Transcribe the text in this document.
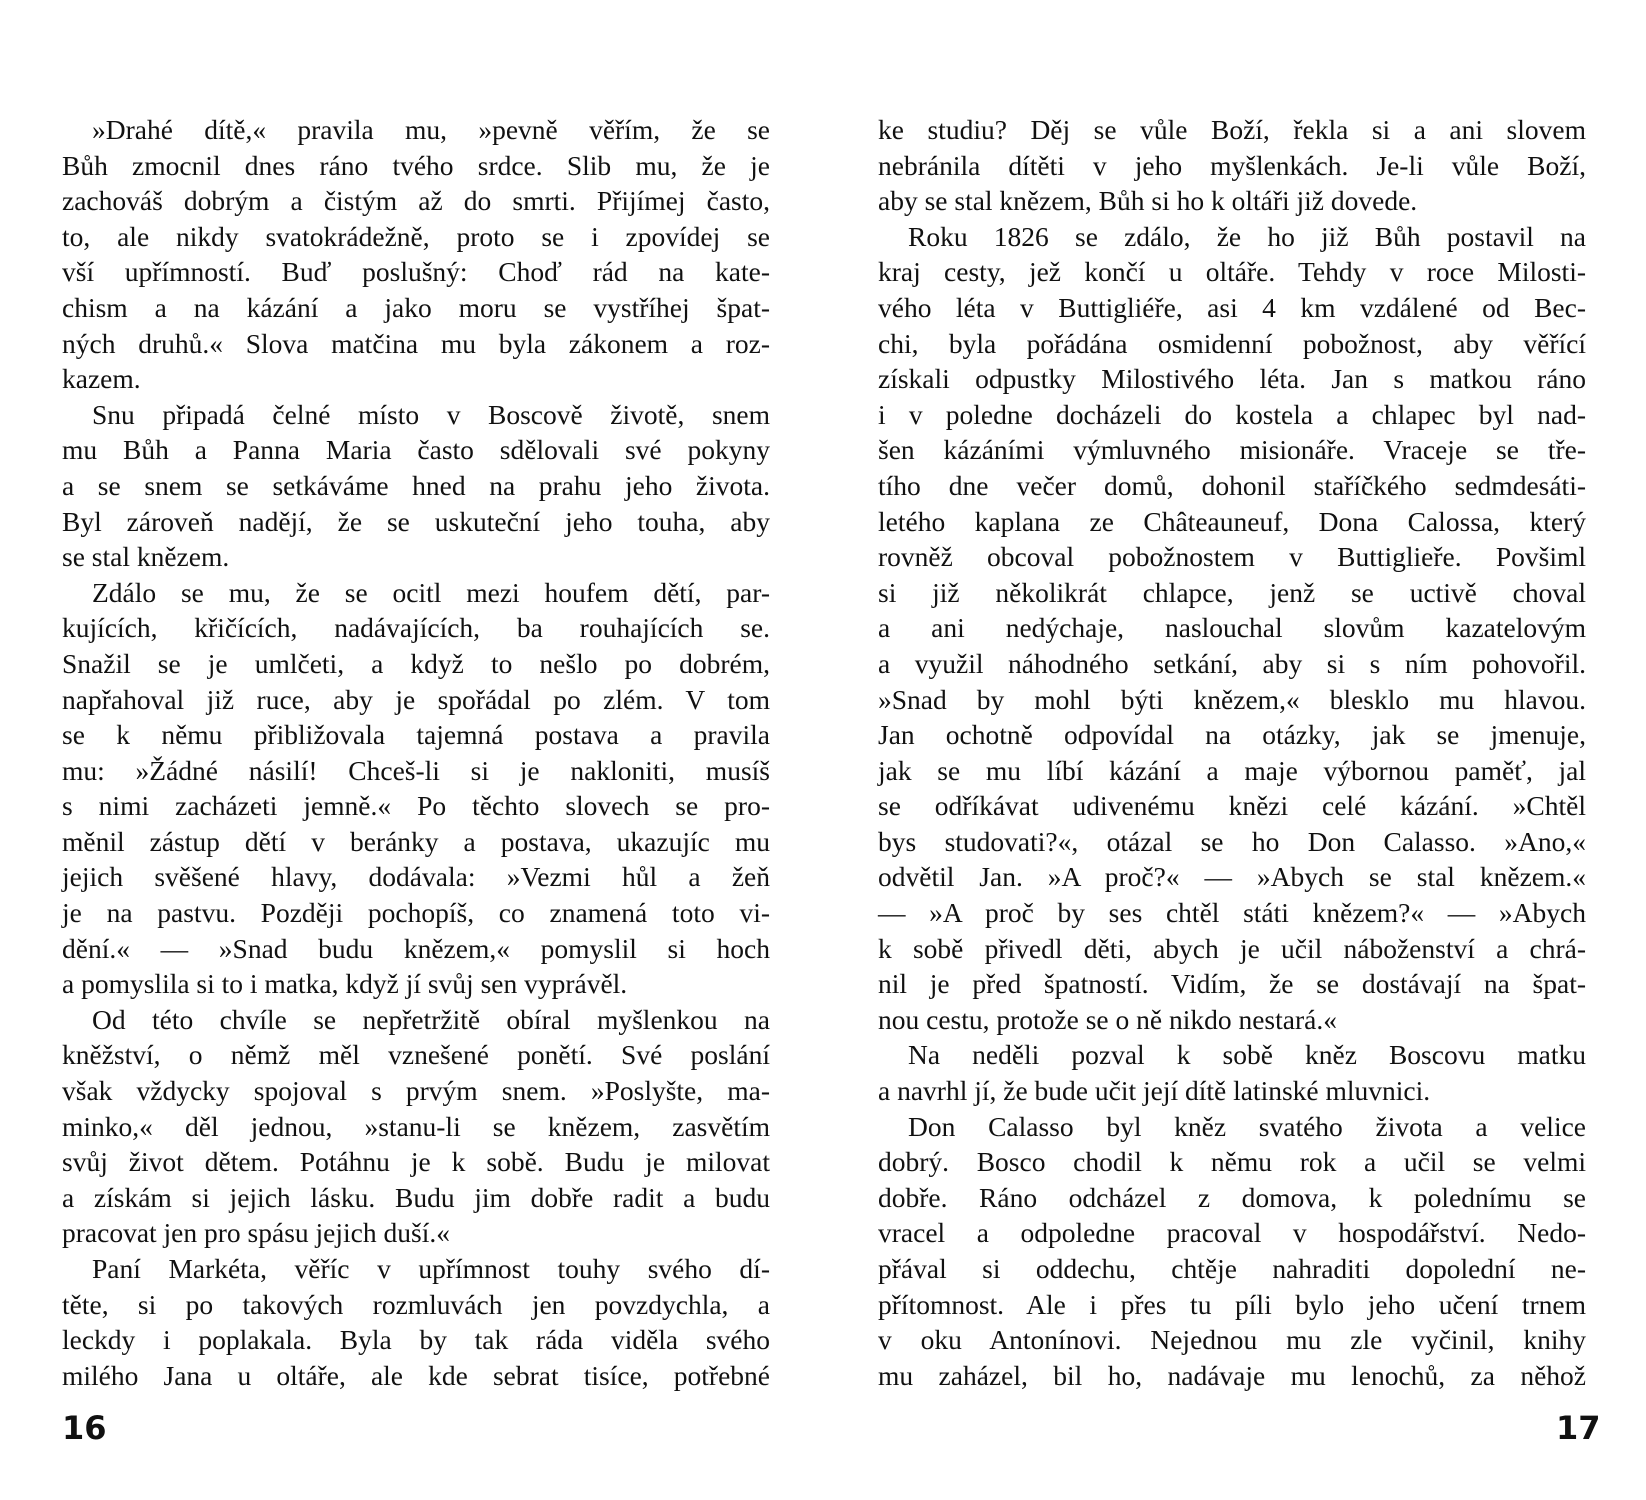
»Drahé dítě,« pravila mu, »pevně věřím, že se
Bůh zmocnil dnes ráno tvého srdce. Slib mu, že je
zachováš dobrým a čistým až do smrti. Přijímej často,
to, ale nikdy svatokrádežně, proto se i zpovídej se
vší upřímností. Buď poslušný: Choď rád na kate-
chism a na kázání a jako moru se vystříhej špat-
ných druhů.« Slova matčina mu byla zákonem a roz-
kazem.
Snu připadá čelné místo v Boscově životě, snem
mu Bůh a Panna Maria často sdělovali své pokyny
a se snem se setkáváme hned na prahu jeho života.
Byl zároveň nadějí, že se uskuteční jeho touha, aby
se stal knězem.
Zdálo se mu, že se ocitl mezi houfem dětí, par-
kujících, křičících, nadávajících, ba rouhajících se.
Snažil se je umlčeti, a když to nešlo po dobrém,
napřahoval již ruce, aby je spořádal po zlém. V tom
se k němu přibližovala tajemná postava a pravila
mu: »Žádné násilí! Chceš-li si je nakloniti, musíš
s nimi zacházeti jemně.« Po těchto slovech se pro-
měnil zástup dětí v beránky a postava, ukazujíc mu
jejich svěšené hlavy, dodávala: »Vezmi hůl a žeň
je na pastvu. Později pochopíš, co znamená toto vi-
dění.« — »Snad budu knězem,« pomyslil si hoch
a pomyslila si to i matka, když jí svůj sen vyprávěl.
Od této chvíle se nepřetržitě obíral myšlenkou na
kněžství, o němž měl vznešené ponětí. Své poslání
však vždycky spojoval s prvým snem. »Poslyšte, ma-
minko,« děl jednou, »stanu-li se knězem, zasvětím
svůj život dětem. Potáhnu je k sobě. Budu je milovat
a získám si jejich lásku. Budu jim dobře radit a budu
pracovat jen pro spásu jejich duší.«
Paní Markéta, věříc v upřímnost touhy svého dí-
těte, si po takových rozmluvách jen povzdychla, a
leckdy i poplakala. Byla by tak ráda viděla svého
milého Jana u oltáře, ale kde sebrat tisíce, potřebné
ke studiu? Děj se vůle Boží, řekla si a ani slovem
nebránila dítěti v jeho myšlenkách. Je-li vůle Boží,
aby se stal knězem, Bůh si ho k oltáři již dovede.
Roku 1826 se zdálo, že ho již Bůh postavil na
kraj cesty, jež končí u oltáře. Tehdy v roce Milosti-
vého léta v Buttigliéře, asi 4 km vzdálené od Bec-
chi, byla pořádána osmidenní pobožnost, aby věřící
získali odpustky Milostivého léta. Jan s matkou ráno
i v poledne docházeli do kostela a chlapec byl nad-
šen kázáními výmluvného misionáře. Vraceje se tře-
tího dne večer domů, dohonil staříčkého sedmdesáti-
letého kaplana ze Châteauneuf, Dona Calossa, který
rovněž obcoval pobožnostem v Buttiglieře. Povšiml
si již několikrát chlapce, jenž se uctivě choval
a ani nedýchaje, naslouchal slovům kazatelovým
a využil náhodného setkání, aby si s ním pohovořil.
»Snad by mohl býti knězem,« blesklo mu hlavou.
Jan ochotně odpovídal na otázky, jak se jmenuje,
jak se mu líbí kázání a maje výbornou paměť, jal
se odříkávat udivenému knězi celé kázání. »Chtěl
bys studovati?«, otázal se ho Don Calasso. »Ano,«
odvětil Jan. »A proč?« — »Abych se stal knězem.«
— »A proč by ses chtěl státi knězem?« — »Abych
k sobě přivedl děti, abych je učil náboženství a chrá-
nil je před špatností. Vidím, že se dostávají na špat-
nou cestu, protože se o ně nikdo nestará.«
Na neděli pozval k sobě kněz Boscovu matku
a navrhl jí, že bude učit její dítě latinské mluvnici.
Don Calasso byl kněz svatého života a velice
dobrý. Bosco chodil k němu rok a učil se velmi
dobře. Ráno odcházel z domova, k polednímu se
vracel a odpoledne pracoval v hospodářství. Nedo-
přával si oddechu, chtěje nahraditi dopolední ne-
přítomnost. Ale i přes tu píli bylo jeho učení trnem
v oku Antonínovi. Nejednou mu zle vyčinil, knihy
mu zaházel, bil ho, nadávaje mu lenochů, za něhož
16	17
